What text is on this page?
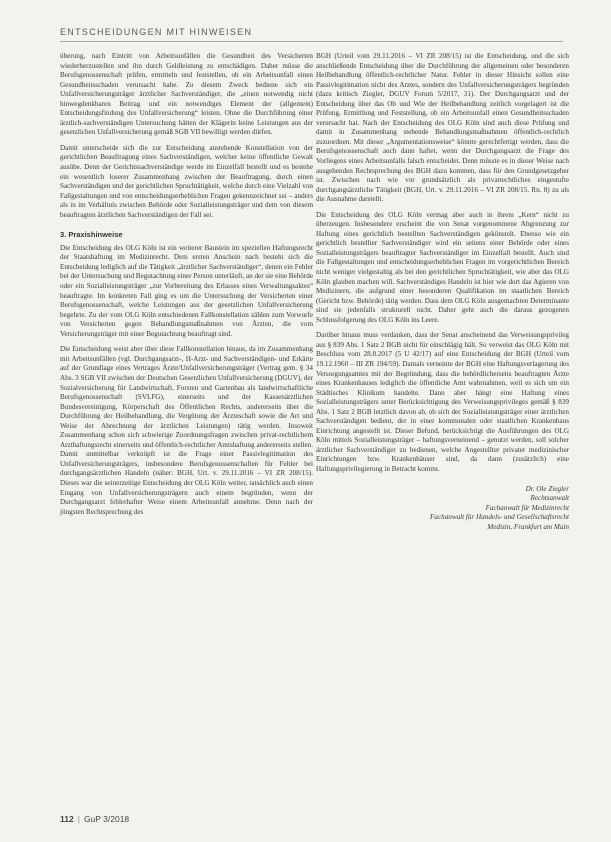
ENTSCHEIDUNGEN MIT HINWEISEN

überung, nach Eintritt von Arbeitsunfällen die Gesundheit des Versicherten wiederherzustellen und ihn durch Geldleistung zu entschädigen. Daher müsse die Berufsgenossenschaft prüfen, ermitteln und feststellen, ob ein Arbeitsunfall einen Gesundheitsschaden verursacht habe. Zu diesem Zweck bediene sich ein Unfallversicherungsträger ärztlicher Sachverständiger, die „einen notwendig nicht hinwegdenkbaren Beitrag und ein notwendiges Element der (allgemein) Entscheidungsfindung des Unfallversicherung“ leisten. Ohne die Durchführung einer ärztlich-sachverständigen Untersuchung hätten der Klägerin keine Leistungen aus der gesetzlichen Unfallversicherung gemäß SGB VII bewilligt werden dürfen.

Damit unterscheide sich die zur Entscheidung anstehende Konstellation von der gerichtlichen Beauftragung eines Sachverständigen, welcher keine öffentliche Gewalt ausübe. Denn der Gerichtssachverständige werde im Einzelfall bestellt und es bestehe ein wesentlich loserer Zusammenhang zwischen der Beauftragung, durch einen Sachverständigen und der gerichtlichen Spruchtätigkeit, welche durch eine Vielzahl von Fallgestaltungen und von entscheidungserheblichen Fragen gekennzeichnet sei – anders als in im Verhältnis zwischen Behörde oder Sozialleistungsträger und dem von diesem beauftragten ärztlichen Sachverständigen der Fall sei.

3. Praxishinweise

Die Entscheidung des OLG Köln ist ein weiterer Baustein im speziellen Haftungsrecht der Staatshaftung im Medizinrecht. Dem ersten Anschein nach besteht sich die Entscheidung lediglich auf die Tätigkeit „ärztlicher Sachverständiger“, denen ein Fehler bei der Untersuchung und Begutachtung einer Person unterläuft, an der sie eine Behörde oder ein Sozialleistungsträger „zur Vorbereitung des Erlasses eines Verwaltungsaktes“ beauftragte. Im konkreten Fall ging es um die Untersuchung der Versicherten einer Berufsgenossenschaft, welche Leistungen aus der gesetzlichen Unfallversicherung begehrte. Zu der vom OLG Köln entschiedenen Fallkonstellation zählen zum Vorwurfe von Versicherten gegen Behandlungsmaßnahmen von Ärzten, die vom Versicherungsträger mit einer Begutachtung beauftragt sind.

Die Entscheidung weist aber über diese Fallkonstellation hinaus, da im Zusammenhang mit Arbeitsunfällen (vgl. Durchgangsarzt-, H-Arzt- und Sachverständigen- und Erkärte auf der Grundlage eines Vertrages Ärzte/Unfallversicherungsträger (Vertrag gem. § 34 Abs. 3 SGB VII zwischen der Deutschen Gesetzlichen Unfallversicherung (DGUV), der Sozialversicherung für Landwirtschaft, Forsten und Gartenbau als landwirtschaftliche Berufsgenossenschaft (SVLFG), einerseits und der Kassenärztlichen Bundesvereinigung, Körperschaft des Öffentlichen Rechts, andererseits über die Durchführung der Heilbehandlung, die Vergütung der Ärzteschaft sowie die Art und Weise der Abrechnung der ärztlichen Leistungen) tätig werden. Insoweit Zusammenhang schon sich schwierige Zuordnungsfragen zwischen privat-rechtlichem Arzthaftungsrecht einerseits und öffentlich-rechtlicher Amtshaftung andererseits stellen. Damit unmittelbar verknüpft ist die Frage einer Passivlegitimation des Unfallversicherungsträgers, insbesondere Berufsgenossenschaften für Fehler bei durchgangsärztlichen Handeln (näher: BGH, Urt. v. 29.11.2016 – VI ZR 208/15). Dieses war die seinerzeitige Entscheidung der OLG Köln weiter, tatsächlich auch einen Eingang von Unfallversicherungsträgern auch einem begründen, wenn der Durchgangsarzt fehlerhafter Weise einem Arbeitsunfall annehme. Denn nach der jüngsten Rechtsprechung des

BGH (Urteil vom 29.11.2016 – VI ZR 208/15) ist die Entscheidung, und die sich anschließende Entscheidung über die Durchführung der allgemeinen oder besonderen Heilbehandlung öffentlich-rechtlicher Natur. Fehler in dieser Hinsicht sollen eine Passivlegitimation nicht des Arztes, sondern des Unfallversicherungsträgers begründen (dazu kritisch Ziegler, DGUV Forum 5/2017, 31). Der Durchgangsarzt und der Entscheidung über das Ob und Wie der Heilbehandlung zeitlich vorgelagert ist die Prüfung, Ermittlung und Feststellung, ob ein Arbeitsunfall einen Gesundheitsschaden verursacht hat. Nach der Entscheidung des OLG Köln sind auch diese Prüfung und damit in Zusammenhang stehende Behandlungsmaßnahmen öffentlich-rechtlich zuzuordnen. Mit dieser „Argumentationsweise“ könnte gerechtfertigt werden, dass die Berufsgenossenschaft auch dann haftet, wenn der Durchgangsarzt die Frage des Vorliegens eines Arbeitsunfalls falsch entscheidet. Denn müsste es in dieser Weise nach ausgehenden Rechtsprechung des BGH dazu kommen, dass für den Grundgesetzgeber ist. Zwischen nach wie vor grundsätzlich als privatrechtliches eingestufte durchgangsärztliche Tätigkeit (BGH, Urt. v. 29.11.2016 – VI ZR 208/15, Rn. 8) zu als die Ausnahme darstellt.

Die Entscheidung des OLG Köln vermag aber auch in ihrem „Kern“ nicht zu überzeugen. Insbesondere erscheint die von Senat vorgenommene Abgrenzung zur Haftung eines gerichtlich bestellten Sachverständigen gekünstelt. Ebenso wie ein gerichtlich bestellter Sachverständiger wird ein seitens einer Behörde oder eines Sozialleistungsträgers beauftragter Sachverständiger im Einzelfall bestellt. Auch sind die Fallgestaltungen und entscheidungserheblichen Fragen im vorgerichtlichen Bereich nicht weniger vielgestaltig als bei den gerichtlichen Spruchtätigkeit, wie aber das OLG Köln glauben machen will. Sachverständiges Handeln ist hier wie dort das Agieren von Medizinern, die aufgrund einer besonderen Qualifikation im staatlichen Bereich (Gericht bzw. Behörde) tätig werden. Dass dem OLG Köln ausgemachten Determinante sind sie jedenfalls strukturell nicht. Daher geht auch die daraus gezogenen Schlussfolgerung des OLG Köln ins Leere.

Darüber hinaus muss verdanken, dass der Senat anscheinend das Verweisungsprivileg aus § 839 Abs. 1 Satz 2 BGB nicht für einschlägig hält. So verweist das OLG Köln mit Beschluss vom 28.8.2017 (5 U 42/17) auf eine Entscheidung der BGH (Urteil vom 19.12.1960 – III ZR 194/59). Damals verneinte der BGH eine Haftungsverlagerung des Versorgungsamtes mit der Begründung, dass die behördlicherseits beauftragten Ärzte eines Krankenhauses lediglich die öffentliche Amt wahrnahmen, weil es sich um ein Städtisches Klinikum handelte. Dann aber hängt eine Haftung eines Sozialleistungsträgers unter Berücksichtigung des Verweisungsprivileges gemäß § 839 Abs. 1 Satz 2 BGB letztlich davon ab, ob sich der Sozialleistungsträger einer ärztlichen Sachverständigen bedient, der in einer kommunalen oder staatlichen Krankenhaus Einrichtung angestellt ist. Dieser Befund, berücksichtigt die Ausführungen des OLG Köln mittels Sozialleistungsträger – haftungsverneinend – genutzt werden, soll solcher ärztlicher Sachverständiger zu bedienen, welche Angestellter privater medizinischer Einrichtungen bzw. Krankenhäuser sind, da dann (zusätzlich) eine Haftungsprivilegierung in Betracht kommt.

Dr. Ole Ziegler
Rechtsanwalt
Fachanwalt für Medizinrecht
Fachanwalt für Handels- und Gesellschaftsrecht
Medizin, Frankfurt am Main
112 | GuP 3/2018
